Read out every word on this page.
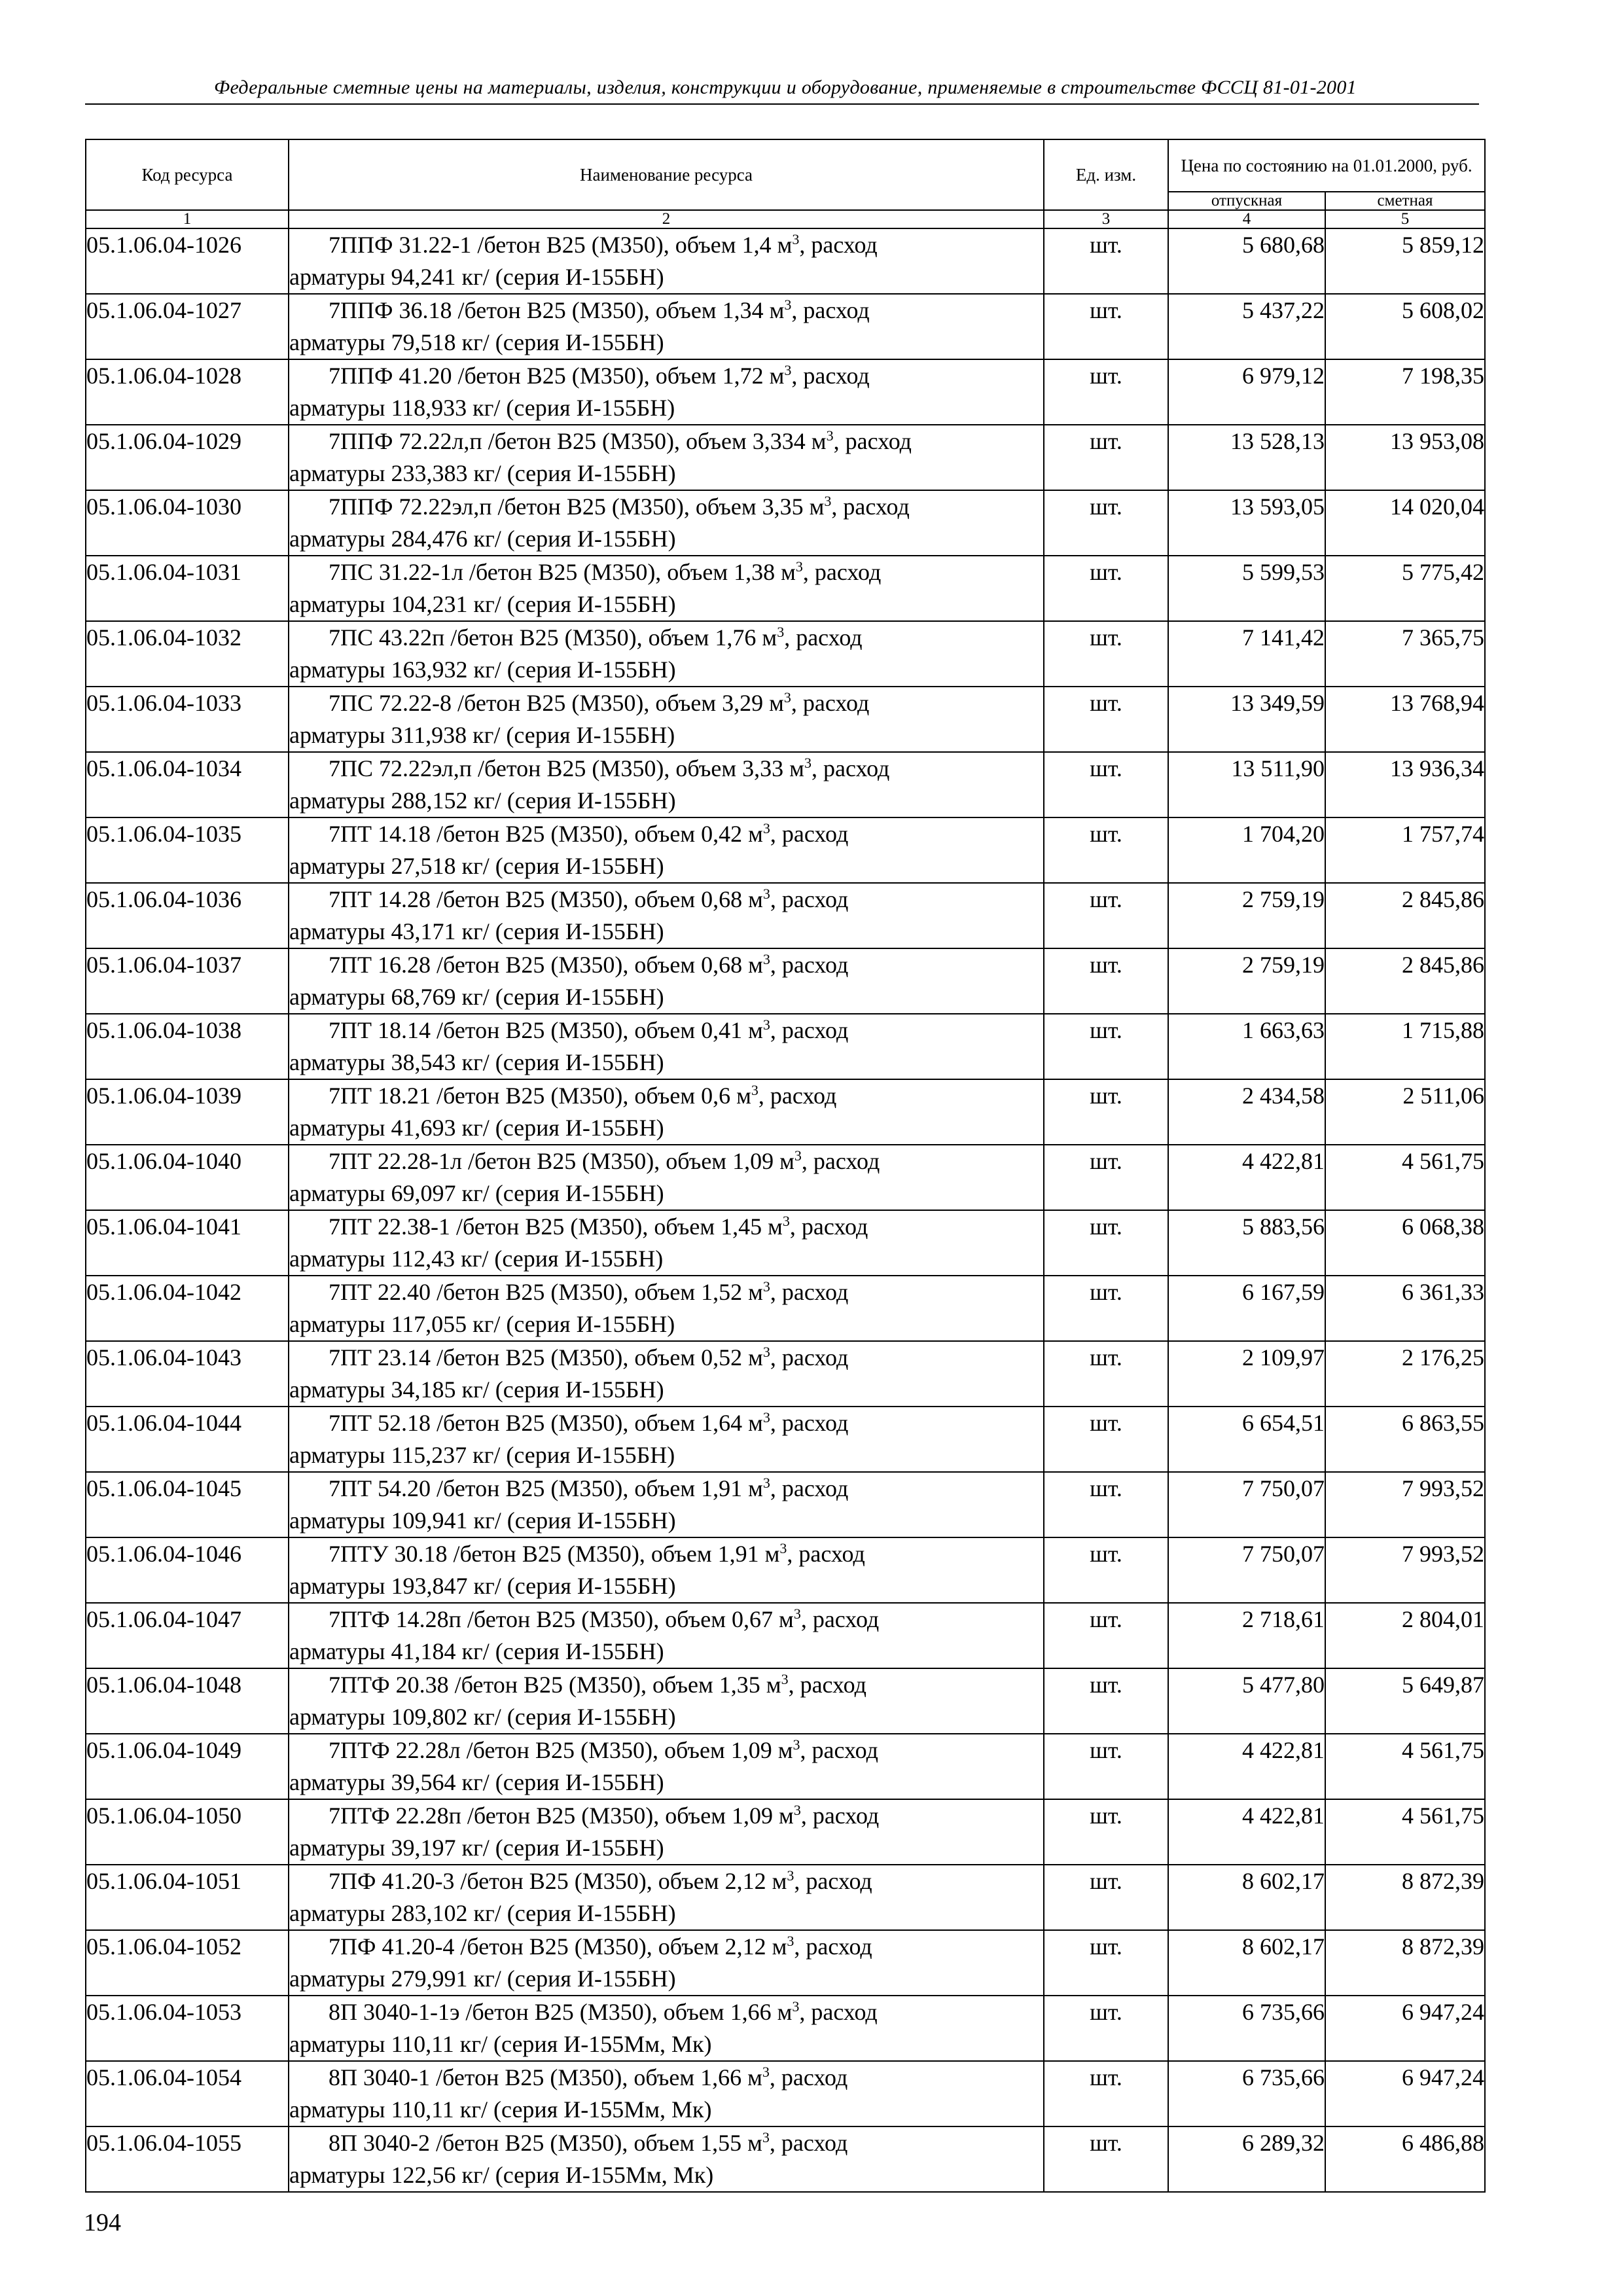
Федеральные сметные цены на материалы, изделия, конструкции и оборудование, применяемые в строительстве ФССЦ 81-01-2001
Код ресурса	Наименование ресурса	Ед. изм.	Цена по состоянию на 01.01.2000, руб.	
			отпускная	сметная
1	2	3	4	5
05.1.06.04-1026	7ППФ 31.22-1 /бетон B25 (М350), объем 1,4 $м^3$, расход
арматуры 94,241 кг/ (серия И-155БН)	шт.	5 680,68	5 859,12
05.1.06.04-1027	7ППФ 36.18 /бетон B25 (М350), объем 1,34 $м^3$, расход
арматуры 79,518 кг/ (серия И-155БН)	шт.	5 437,22	5 608,02
05.1.06.04-1028	7ППФ 41.20 /бетон B25 (М350), объем 1,72 $м^3$, расход
арматуры 118,933 кг/ (серия И-155БН)	шт.	6 979,12	7 198,35
05.1.06.04-1029	7ППФ 72.22л,п /бетон B25 (М350), объем 3,334 $м^3$, расход
арматуры 233,383 кг/ (серия И-155БН)	шт.	13 528,13	13 953,08
05.1.06.04-1030	7ППФ 72.22эл,п /бетон B25 (М350), объем 3,35 $м^3$, расход
арматуры 284,476 кг/ (серия И-155БН)	шт.	13 593,05	14 020,04
05.1.06.04-1031	7ПС 31.22-1л /бетон B25 (М350), объем 1,38 $м^3$, расход
арматуры 104,231 кг/ (серия И-155БН)	шт.	5 599,53	5 775,42
05.1.06.04-1032	7ПС 43.22п /бетон B25 (М350), объем 1,76 $м^3$, расход
арматуры 163,932 кг/ (серия И-155БН)	шт.	7 141,42	7 365,75
05.1.06.04-1033	7ПС 72.22-8 /бетон B25 (М350), объем 3,29 $м^3$, расход
арматуры 311,938 кг/ (серия И-155БН)	шт.	13 349,59	13 768,94
05.1.06.04-1034	7ПС 72.22эл,п /бетон B25 (М350), объем 3,33 $м^3$, расход
арматуры 288,152 кг/ (серия И-155БН)	шт.	13 511,90	13 936,34
05.1.06.04-1035	7ПТ 14.18 /бетон B25 (М350), объем 0,42 $м^3$, расход
арматуры 27,518 кг/ (серия И-155БН)	шт.	1 704,20	1 757,74
05.1.06.04-1036	7ПТ 14.28 /бетон B25 (М350), объем 0,68 $м^3$, расход
арматуры 43,171 кг/ (серия И-155БН)	шт.	2 759,19	2 845,86
05.1.06.04-1037	7ПТ 16.28 /бетон B25 (М350), объем 0,68 $м^3$, расход
арматуры 68,769 кг/ (серия И-155БН)	шт.	2 759,19	2 845,86
05.1.06.04-1038	7ПТ 18.14 /бетон B25 (М350), объем 0,41 $м^3$, расход
арматуры 38,543 кг/ (серия И-155БН)	шт.	1 663,63	1 715,88
05.1.06.04-1039	7ПТ 18.21 /бетон B25 (М350), объем 0,6 $м^3$, расход
арматуры 41,693 кг/ (серия И-155БН)	шт.	2 434,58	2 511,06
05.1.06.04-1040	7ПТ 22.28-1л /бетон B25 (М350), объем 1,09 $м^3$, расход
арматуры 69,097 кг/ (серия И-155БН)	шт.	4 422,81	4 561,75
05.1.06.04-1041	7ПТ 22.38-1 /бетон B25 (М350), объем 1,45 $м^3$, расход
арматуры 112,43 кг/ (серия И-155БН)	шт.	5 883,56	6 068,38
05.1.06.04-1042	7ПТ 22.40 /бетон B25 (М350), объем 1,52 $м^3$, расход
арматуры 117,055 кг/ (серия И-155БН)	шт.	6 167,59	6 361,33
05.1.06.04-1043	7ПТ 23.14 /бетон B25 (М350), объем 0,52 $м^3$, расход
арматуры 34,185 кг/ (серия И-155БН)	шт.	2 109,97	2 176,25
05.1.06.04-1044	7ПТ 52.18 /бетон B25 (М350), объем 1,64 $м^3$, расход
арматуры 115,237 кг/ (серия И-155БН)	шт.	6 654,51	6 863,55
05.1.06.04-1045	7ПТ 54.20 /бетон B25 (М350), объем 1,91 $м^3$, расход
арматуры 109,941 кг/ (серия И-155БН)	шт.	7 750,07	7 993,52
05.1.06.04-1046	7ПТУ 30.18 /бетон B25 (М350), объем 1,91 $м^3$, расход
арматуры 193,847 кг/ (серия И-155БН)	шт.	7 750,07	7 993,52
05.1.06.04-1047	7ПТФ 14.28п /бетон B25 (М350), объем 0,67 $м^3$, расход
арматуры 41,184 кг/ (серия И-155БН)	шт.	2 718,61	2 804,01
05.1.06.04-1048	7ПТФ 20.38 /бетон B25 (М350), объем 1,35 $м^3$, расход
арматуры 109,802 кг/ (серия И-155БН)	шт.	5 477,80	5 649,87
05.1.06.04-1049	7ПТФ 22.28л /бетон B25 (М350), объем 1,09 $м^3$, расход
арматуры 39,564 кг/ (серия И-155БН)	шт.	4 422,81	4 561,75
05.1.06.04-1050	7ПТФ 22.28п /бетон B25 (М350), объем 1,09 $м^3$, расход
арматуры 39,197 кг/ (серия И-155БН)	шт.	4 422,81	4 561,75
05.1.06.04-1051	7ПФ 41.20-3 /бетон B25 (М350), объем 2,12 $м^3$, расход
арматуры 283,102 кг/ (серия И-155БН)	шт.	8 602,17	8 872,39
05.1.06.04-1052	7ПФ 41.20-4 /бетон B25 (М350), объем 2,12 $м^3$, расход
арматуры 279,991 кг/ (серия И-155БН)	шт.	8 602,17	8 872,39
05.1.06.04-1053	8П 3040-1-1э /бетон B25 (М350), объем 1,66 $м^3$, расход
арматуры 110,11 кг/ (серия И-155Мм, Мк)	шт.	6 735,66	6 947,24
05.1.06.04-1054	8П 3040-1 /бетон B25 (М350), объем 1,66 $м^3$, расход
арматуры 110,11 кг/ (серия И-155Мм, Мк)	шт.	6 735,66	6 947,24
05.1.06.04-1055	8П 3040-2 /бетон B25 (М350), объем 1,55 $м^3$, расход
арматуры 122,56 кг/ (серия И-155Мм, Мк)	шт.	6 289,32	6 486,88
194
